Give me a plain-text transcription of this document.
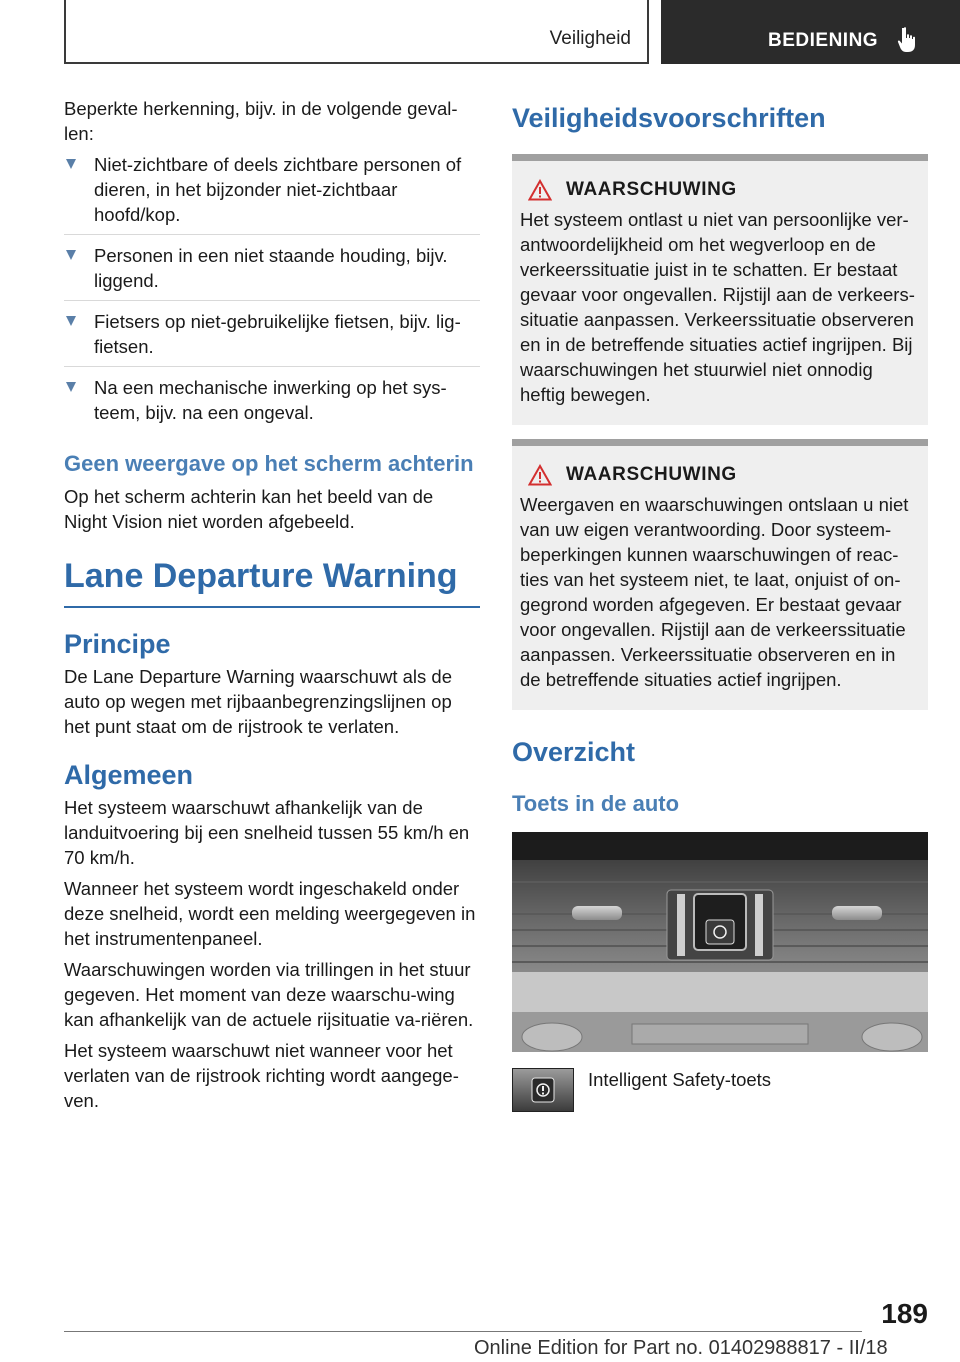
Veiligheid	BEDIENING

Beperkte herkenning, bijv. in de volgende geval-len:

Niet-zichtbare of deels zichtbare personen of dieren, in het bijzonder niet-zichtbaar hoofd/kop.
Personen in een niet staande houding, bijv. liggend.
Fietsers op niet-gebruikelijke fietsen, bijv. lig-fietsen.
Na een mechanische inwerking op het sys-teem, bijv. na een ongeval.
Geen weergave op het scherm achterin

Op het scherm achterin kan het beeld van de Night Vision niet worden afgebeeld.

Lane Departure Warning
Principe

De Lane Departure Warning waarschuwt als de auto op wegen met rijbaanbegrenzingslijnen op het punt staat om de rijstrook te verlaten.

Algemeen

Het systeem waarschuwt afhankelijk van de landuitvoering bij een snelheid tussen 55 km/h en 70 km/h.

Wanneer het systeem wordt ingeschakeld onder deze snelheid, wordt een melding weergegeven in het instrumentenpaneel.

Waarschuwingen worden via trillingen in het stuur gegeven. Het moment van deze waarschu-wing kan afhankelijk van de actuele rijsituatie va-riëren.

Het systeem waarschuwt niet wanneer voor het verlaten van de rijstrook richting wordt aangege-ven.

Veiligheidsvoorschriften
WAARSCHUWING
Het systeem ontlast u niet van persoonlijke ver-antwoordelijkheid om het wegverloop en de verkeerssituatie juist in te schatten. Er bestaat gevaar voor ongevallen. Rijstijl aan de verkeers-situatie aanpassen. Verkeerssituatie observeren en in de betreffende situaties actief ingrijpen. Bij waarschuwingen het stuurwiel niet onnodig heftig bewegen.
WAARSCHUWING
Weergaven en waarschuwingen ontslaan u niet van uw eigen verantwoording. Door systeem-beperkingen kunnen waarschuwingen of reac-ties van het systeem niet, te laat, onjuist of on-gegrond worden afgegeven. Er bestaat gevaar voor ongevallen. Rijstijl aan de verkeerssituatie aanpassen. Verkeerssituatie observeren en in de betreffende situaties actief ingrijpen.
Overzicht
Toets in de auto
Intelligent Safety-toets
189
Online Edition for Part no. 01402988817 - II/18
